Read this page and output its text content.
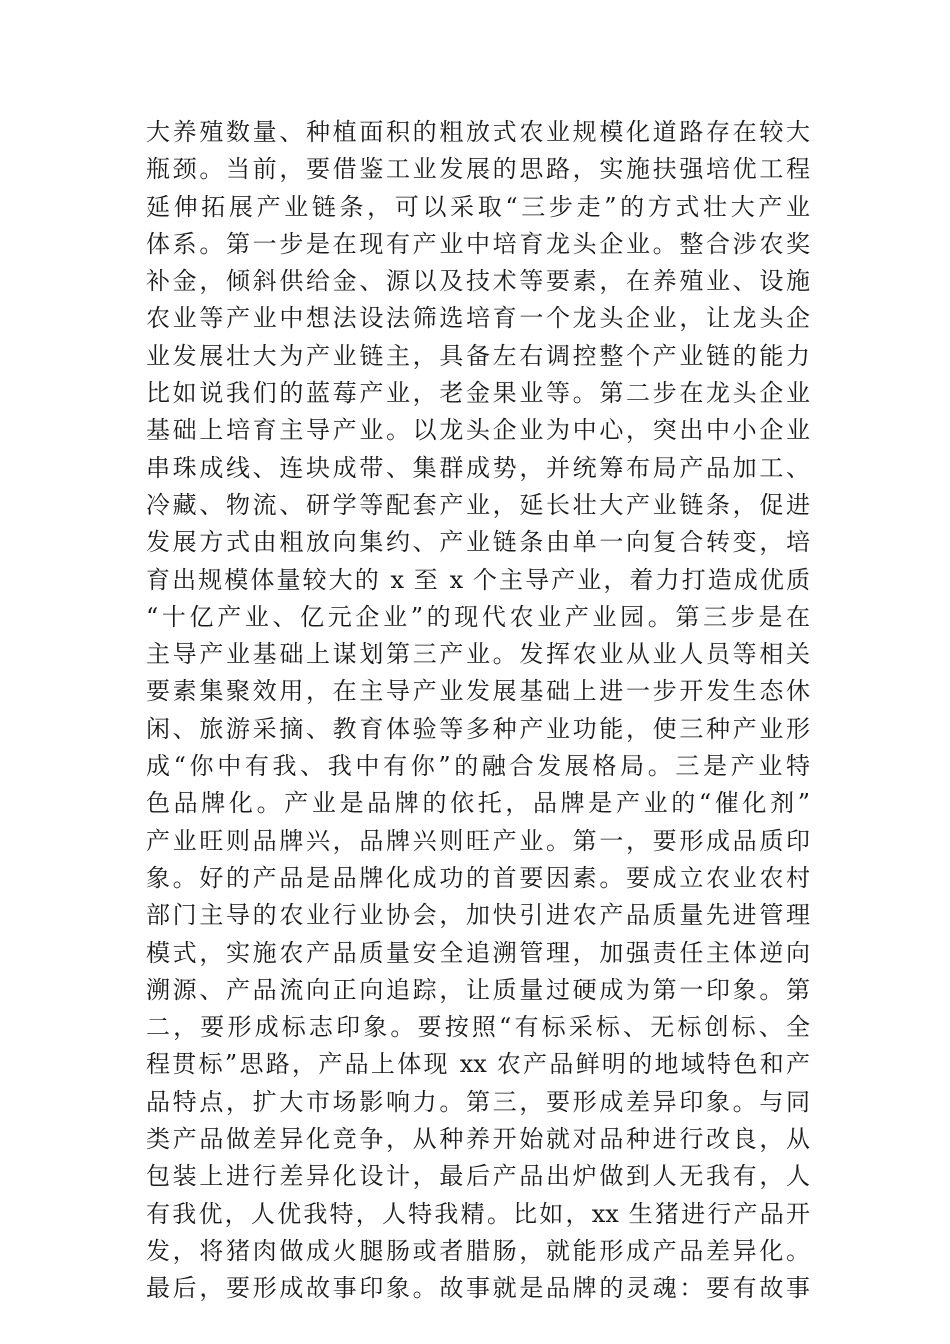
大养殖数量、种植面积的粗放式农业规模化道路存在较大
瓶颈。当前，要借鉴工业发展的思路，实施扶强培优工程
延伸拓展产业链条，可以采取“三步走”的方式壮大产业
体系。第一步是在现有产业中培育龙头企业。整合涉农奖
补金，倾斜供给金、源以及技术等要素，在养殖业、设施
农业等产业中想法设法筛选培育一个龙头企业，让龙头企
业发展壮大为产业链主，具备左右调控整个产业链的能力
比如说我们的蓝莓产业，老金果业等。第二步在龙头企业
基础上培育主导产业。以龙头企业为中心，突出中小企业
串珠成线、连块成带、集群成势，并统筹布局产品加工、
冷藏、物流、研学等配套产业，延长壮大产业链条，促进
发展方式由粗放向集约、产业链条由单一向复合转变，培
育出规模体量较大的 x 至 x 个主导产业，着力打造成优质
“十亿产业、亿元企业”的现代农业产业园。第三步是在
主导产业基础上谋划第三产业。发挥农业从业人员等相关
要素集聚效用，在主导产业发展基础上进一步开发生态休
闲、旅游采摘、教育体验等多种产业功能，使三种产业形
成“你中有我、我中有你”的融合发展格局。三是产业特
色品牌化。产业是品牌的依托，品牌是产业的“催化剂”
产业旺则品牌兴，品牌兴则旺产业。第一，要形成品质印
象。好的产品是品牌化成功的首要因素。要成立农业农村
部门主导的农业行业协会，加快引进农产品质量先进管理
模式，实施农产品质量安全追溯管理，加强责任主体逆向
溯源、产品流向正向追踪，让质量过硬成为第一印象。第
二，要形成标志印象。要按照“有标采标、无标创标、全
程贯标”思路，产品上体现 xx 农产品鲜明的地域特色和产
品特点，扩大市场影响力。第三，要形成差异印象。与同
类产品做差异化竞争，从种养开始就对品种进行改良，从
包装上进行差异化设计，最后产品出炉做到人无我有，人
有我优，人优我特，人特我精。比如，xx 生猪进行产品开
发，将猪肉做成火腿肠或者腊肠，就能形成产品差异化。
最后，要形成故事印象。故事就是品牌的灵魂：要有故事
